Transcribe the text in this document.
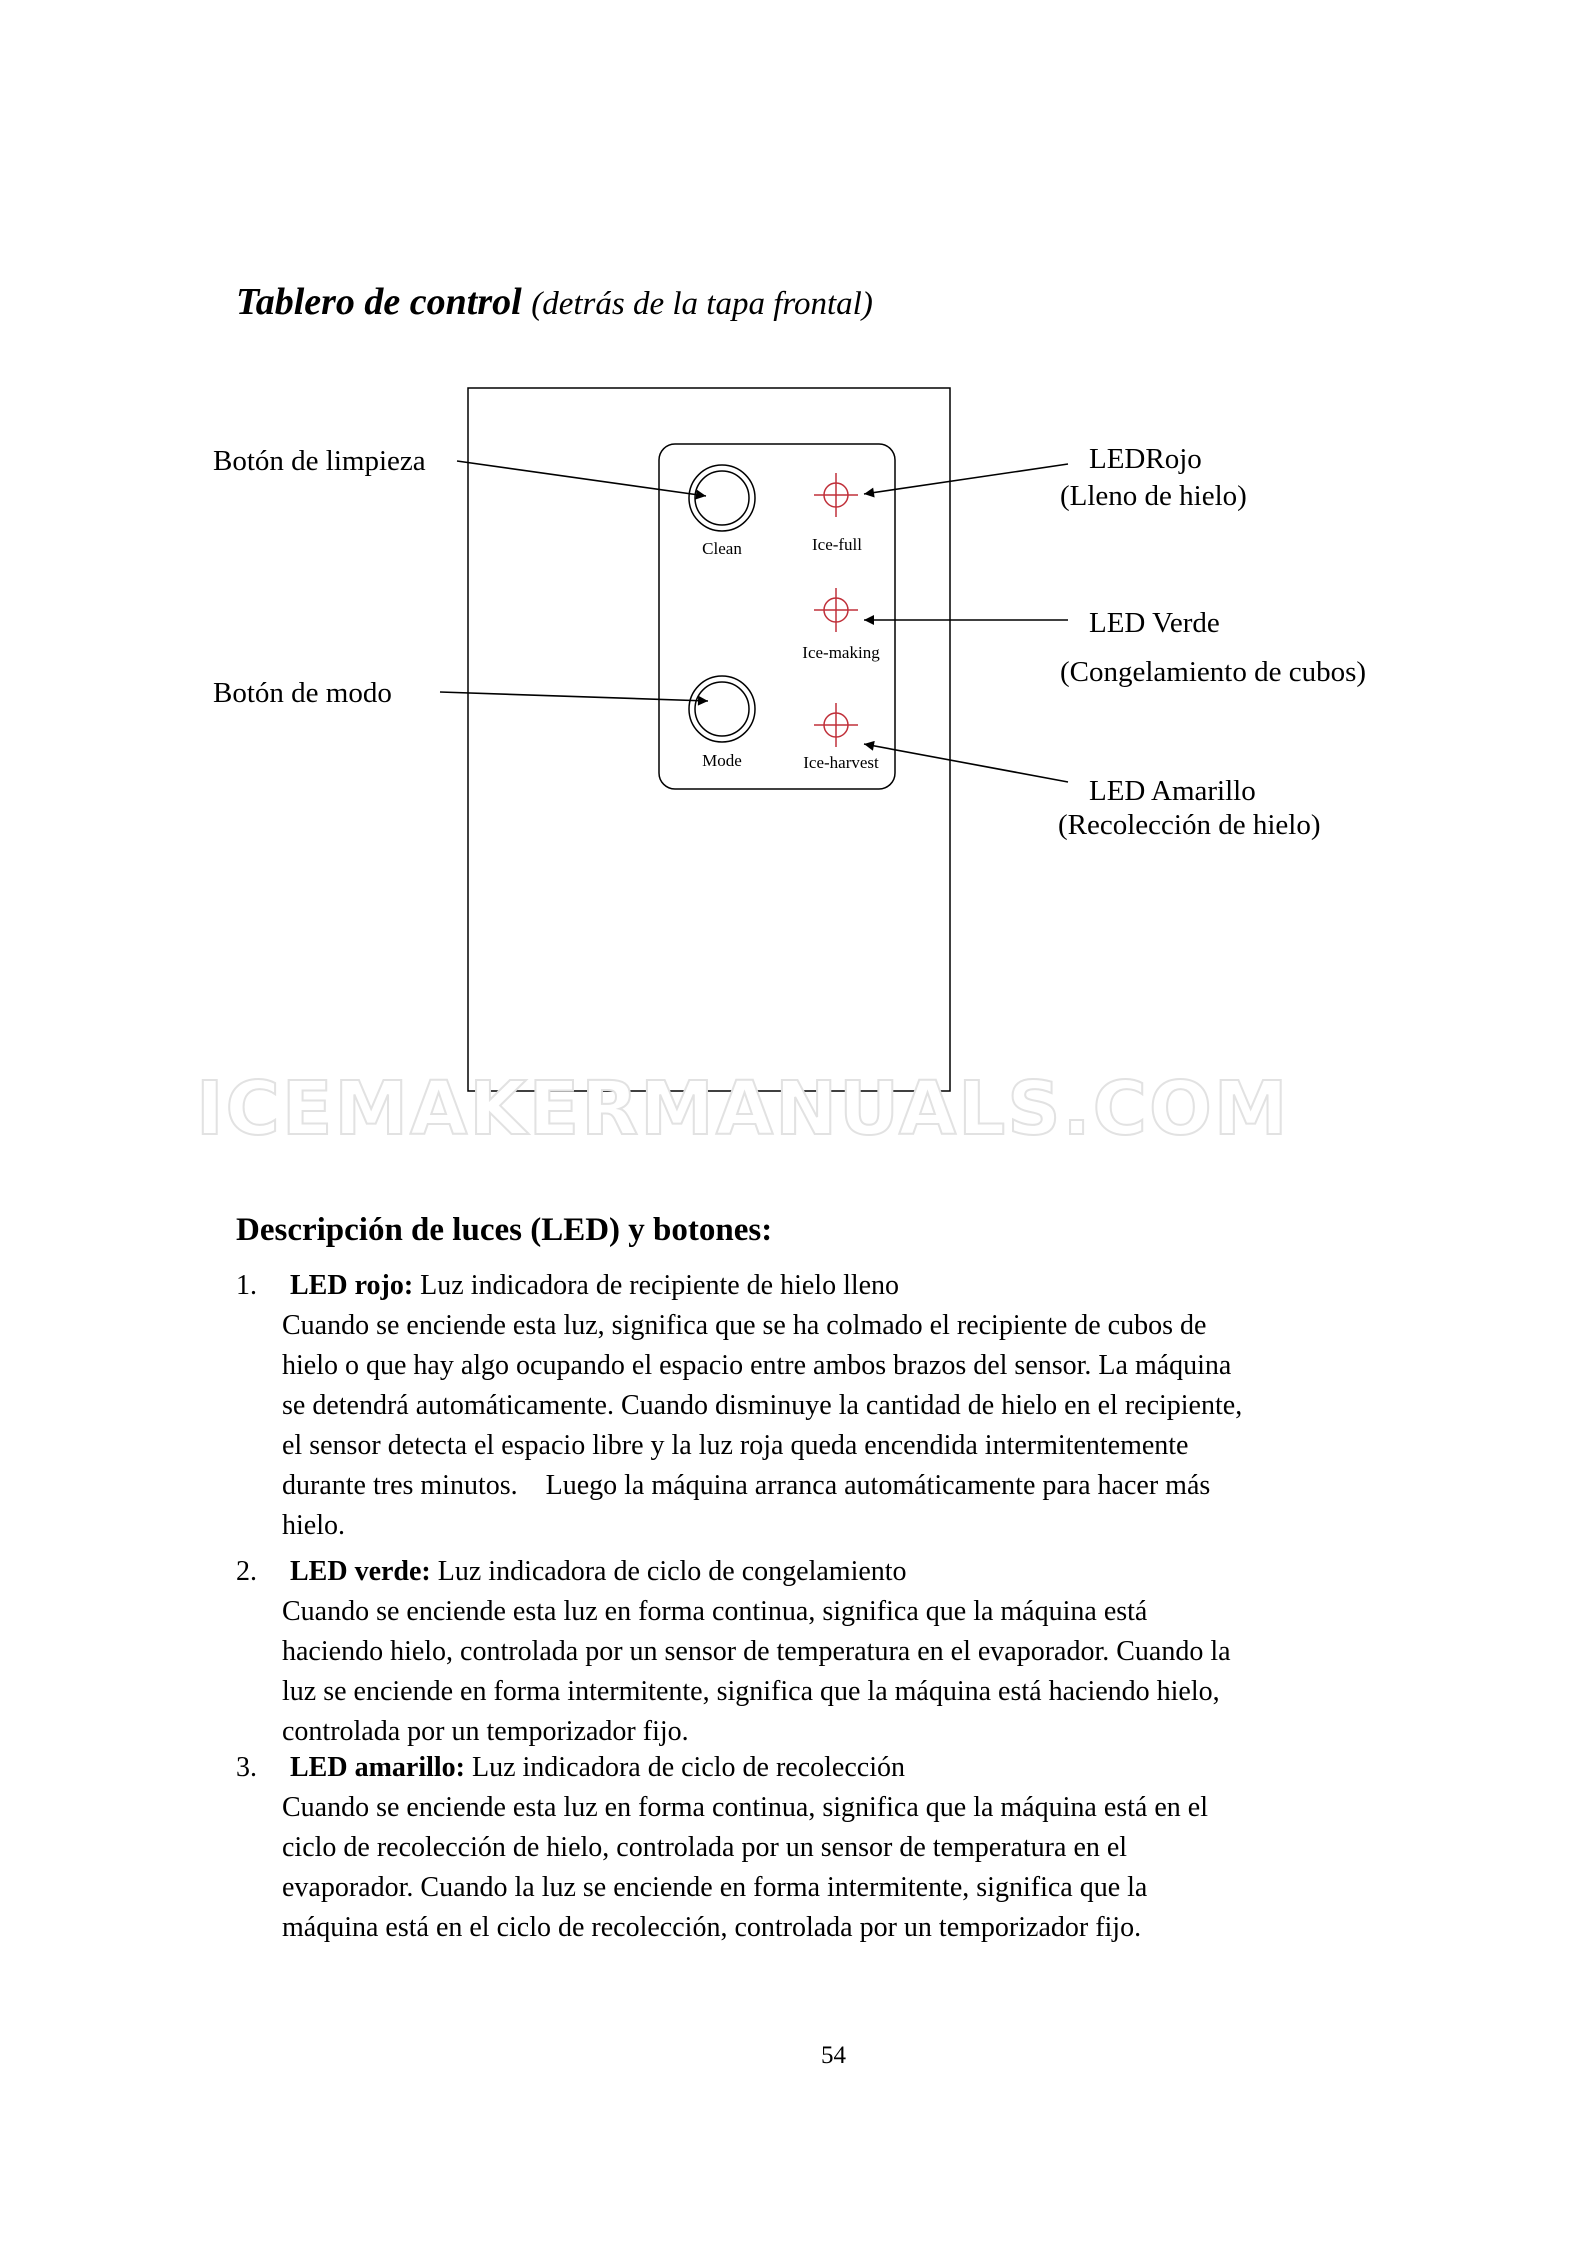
Tablero de control (detrás de la tapa frontal)
Clean
Mode
Ice-full
Ice-making
Ice-harvest
Botón de limpieza
Botón de modo
LEDRojo
(Lleno de hielo)
LED Verde
(Congelamiento de cubos)
LED Amarillo
(Recolección de hielo)
ICEMAKERMANUALS.COM
Descripción de luces (LED) y botones:
1. LED rojo: Luz indicadora de recipiente de hielo lleno
Cuando se enciende esta luz, significa que se ha colmado el recipiente de cubos de
hielo o que hay algo ocupando el espacio entre ambos brazos del sensor. La máquina
se detendrá automáticamente. Cuando disminuye la cantidad de hielo en el recipiente,
el sensor detecta el espacio libre y la luz roja queda encendida intermitentemente
durante tres minutos.    Luego la máquina arranca automáticamente para hacer más
hielo.
2. LED verde: Luz indicadora de ciclo de congelamiento
Cuando se enciende esta luz en forma continua, significa que la máquina está
haciendo hielo, controlada por un sensor de temperatura en el evaporador. Cuando la
luz se enciende en forma intermitente, significa que la máquina está haciendo hielo,
controlada por un temporizador fijo.
3. LED amarillo: Luz indicadora de ciclo de recolección
Cuando se enciende esta luz en forma continua, significa que la máquina está en el
ciclo de recolección de hielo, controlada por un sensor de temperatura en el
evaporador. Cuando la luz se enciende en forma intermitente, significa que la
máquina está en el ciclo de recolección, controlada por un temporizador fijo.
54
